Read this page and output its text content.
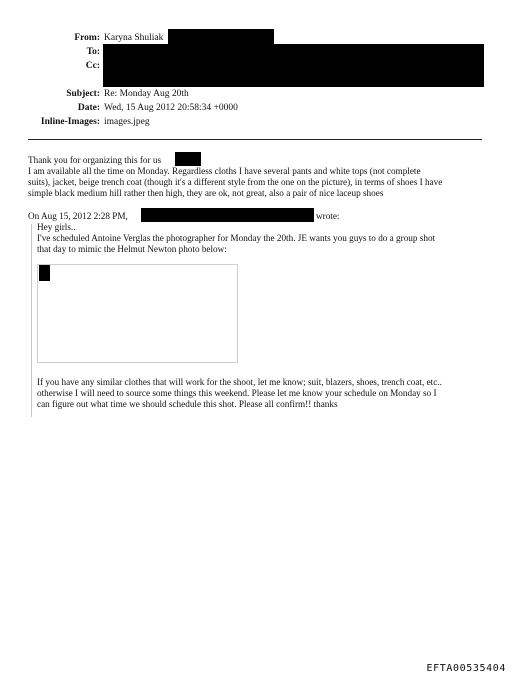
From: Karyna Shuliak
To:
Cc:
Subject: Re: Monday Aug 20th
Date: Wed, 15 Aug 2012 20:58:34 +0000
Inline-Images: images.jpeg
Thank you for organizing this for us
I am available all the time on Monday. Regardless cloths I have several pants and white tops (not complete
suits), jacket, beige trench coat (though it's a different style from the one on the picture), in terms of shoes I have
simple black medium hill rather then high, they are ok, not great, also a pair of nice laceup shoes
On Aug 15, 2012 2:28 PM,	wrote:
Hey girls..
I've scheduled Antoine Verglas the photographer for Monday the 20th. JE wants you guys to do a group shot
that day to mimic the Helmut Newton photo below:
If you have any similar clothes that will work for the shoot, let me know; suit, blazers, shoes, trench coat, etc..
otherwise I will need to source some things this weekend. Please let me know your schedule on Monday so I
can figure out what time we should schedule this shot. Please all confirm!! thanks
EFTA00535404
